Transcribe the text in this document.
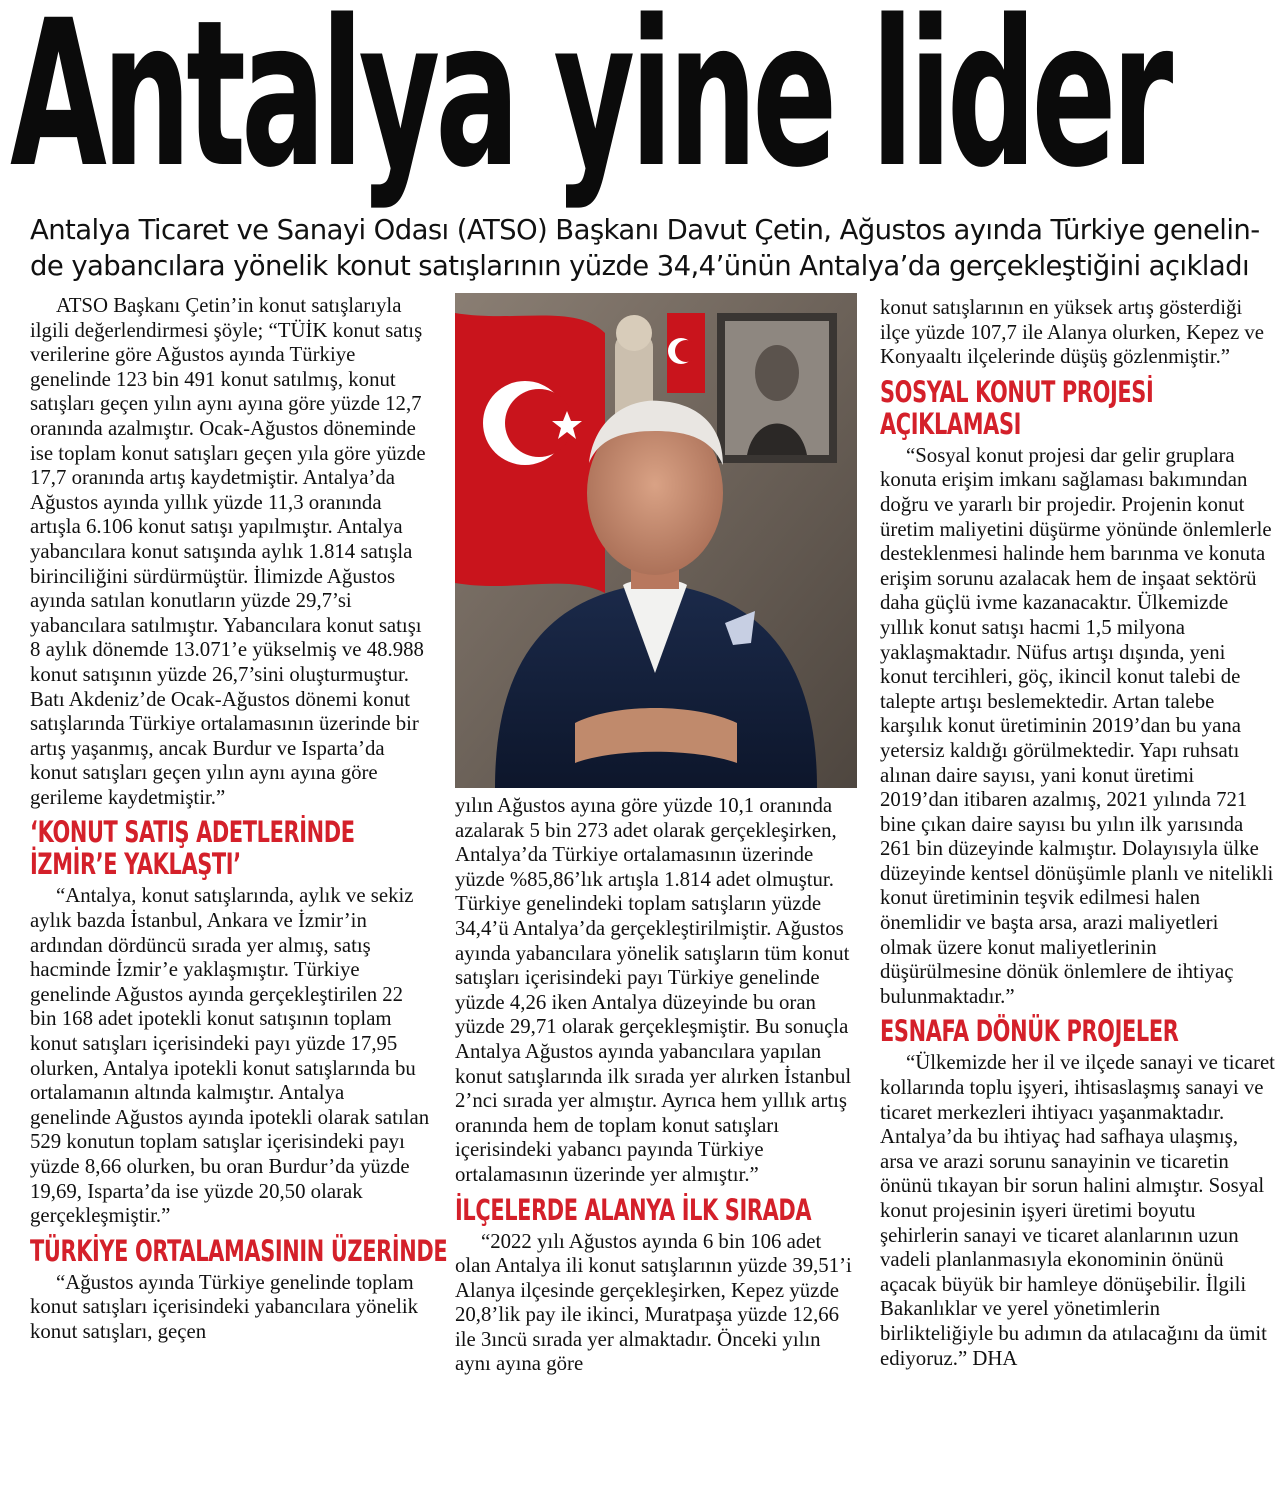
Antalya yine lider
Antalya Ticaret ve Sanayi Odası (ATSO) Başkanı Davut Çetin, Ağustos ayında Türkiye genelin-de yabancılara yönelik konut satışlarının yüzde 34,4’ünün Antalya’da gerçekleştiğini açıkladı

ATSO Başkanı Çetin’in konut satışlarıyla ilgili değerlendirmesi şöyle; “TÜİK konut satış verilerine göre Ağustos ayında Türkiye genelinde 123 bin 491 konut satılmış, konut satışları geçen yılın aynı ayına göre yüzde 12,7 oranında azalmıştır. Ocak-Ağustos döneminde ise toplam konut satışları geçen yıla göre yüzde 17,7 oranında artış kaydetmiştir. Antalya’da Ağustos ayında yıllık yüzde 11,3 oranında artışla 6.106 konut satışı yapılmıştır. Antalya yabancılara konut satışında aylık 1.814 satışla birinciliğini sürdürmüştür. İlimizde Ağustos ayında satılan konutların yüzde 29,7’si yabancılara satılmıştır. Yabancılara konut satışı 8 aylık dönemde 13.071’e yükselmiş ve 48.988 konut satışının yüzde 26,7’sini oluşturmuştur. Batı Akdeniz’de Ocak-Ağustos dönemi konut satışlarında Türkiye ortalamasının üzerinde bir artış yaşanmış, ancak Burdur ve Isparta’da konut satışları geçen yılın aynı ayına göre gerileme kaydetmiştir.”

‘KONUT SATIŞ ADETLERİNDE
İZMİR’E YAKLAŞTI’

“Antalya, konut satışlarında, aylık ve sekiz aylık bazda İstanbul, Ankara ve İzmir’in ardından dördüncü sırada yer almış, satış hacminde İzmir’e yaklaşmıştır. Türkiye genelinde Ağustos ayında gerçekleştirilen 22 bin 168 adet ipotekli konut satışının toplam konut satışları içerisindeki payı yüzde 17,95 olurken, Antalya ipotekli konut satışlarında bu ortalamanın altında kalmıştır. Antalya genelinde Ağustos ayında ipotekli olarak satılan 529 konutun toplam satışlar içerisindeki payı yüzde 8,66 olurken, bu oran Burdur’da yüzde 19,69, Isparta’da ise yüzde 20,50 olarak gerçekleşmiştir.”

TÜRKİYE ORTALAMASININ ÜZERİNDE

“Ağustos ayında Türkiye genelinde toplam konut satışları içerisindeki yabancılara yönelik konut satışları, geçen

yılın Ağustos ayına göre yüzde 10,1 oranında azalarak 5 bin 273 adet olarak gerçekleşirken, Antalya’da Türkiye ortalamasının üzerinde yüzde %85,86’lık artışla 1.814 adet olmuştur. Türkiye genelindeki toplam satışların yüzde 34,4’ü Antalya’da gerçekleştirilmiştir. Ağustos ayında yabancılara yönelik satışların tüm konut satışları içerisindeki payı Türkiye genelinde yüzde 4,26 iken Antalya düzeyinde bu oran yüzde 29,71 olarak gerçekleşmiştir. Bu sonuçla Antalya Ağustos ayında yabancılara yapılan konut satışlarında ilk sırada yer alırken İstanbul 2’nci sırada yer almıştır. Ayrıca hem yıllık artış oranında hem de toplam konut satışları içerisindeki yabancı payında Türkiye ortalamasının üzerinde yer almıştır.”

İLÇELERDE ALANYA İLK SIRADA

“2022 yılı Ağustos ayında 6 bin 106 adet olan Antalya ili konut satışlarının yüzde 39,51’i Alanya ilçesinde gerçekleşirken, Kepez yüzde 20,8’lik pay ile ikinci, Muratpaşa yüzde 12,66 ile 3ıncü sırada yer almaktadır. Önceki yılın aynı ayına göre

konut satışlarının en yüksek artış gösterdiği ilçe yüzde 107,7 ile Alanya olurken, Kepez ve Konyaaltı ilçelerinde düşüş gözlenmiştir.”

SOSYAL KONUT PROJESİ
AÇIKLAMASI

“Sosyal konut projesi dar gelir gruplara konuta erişim imkanı sağlaması bakımından doğru ve yararlı bir projedir. Projenin konut üretim maliyetini düşürme yönünde önlemlerle desteklenmesi halinde hem barınma ve konuta erişim sorunu azalacak hem de inşaat sektörü daha güçlü ivme kazanacaktır. Ülkemizde yıllık konut satışı hacmi 1,5 milyona yaklaşmaktadır. Nüfus artışı dışında, yeni konut tercihleri, göç, ikincil konut talebi de talepte artışı beslemektedir. Artan talebe karşılık konut üretiminin 2019’dan bu yana yetersiz kaldığı görülmektedir. Yapı ruhsatı alınan daire sayısı, yani konut üretimi 2019’dan itibaren azalmış, 2021 yılında 721 bine çıkan daire sayısı bu yılın ilk yarısında 261 bin düzeyinde kalmıştır. Dolayısıyla ülke düzeyinde kentsel dönüşümle planlı ve nitelikli konut üretiminin teşvik edilmesi halen önemlidir ve başta arsa, arazi maliyetleri olmak üzere konut maliyetlerinin düşürülmesine dönük önlemlere de ihtiyaç bulunmaktadır.”

ESNAFA DÖNÜK PROJELER

“Ülkemizde her il ve ilçede sanayi ve ticaret kollarında toplu işyeri, ihtisaslaşmış sanayi ve ticaret merkezleri ihtiyacı yaşanmaktadır. Antalya’da bu ihtiyaç had safhaya ulaşmış, arsa ve arazi sorunu sanayinin ve ticaretin önünü tıkayan bir sorun halini almıştır. Sosyal konut projesinin işyeri üretimi boyutu şehirlerin sanayi ve ticaret alanlarının uzun vadeli planlanmasıyla ekonominin önünü açacak büyük bir hamleye dönüşebilir. İlgili Bakanlıklar ve yerel yönetimlerin birlikteliğiyle bu adımın da atılacağını da ümit ediyoruz.” DHA
